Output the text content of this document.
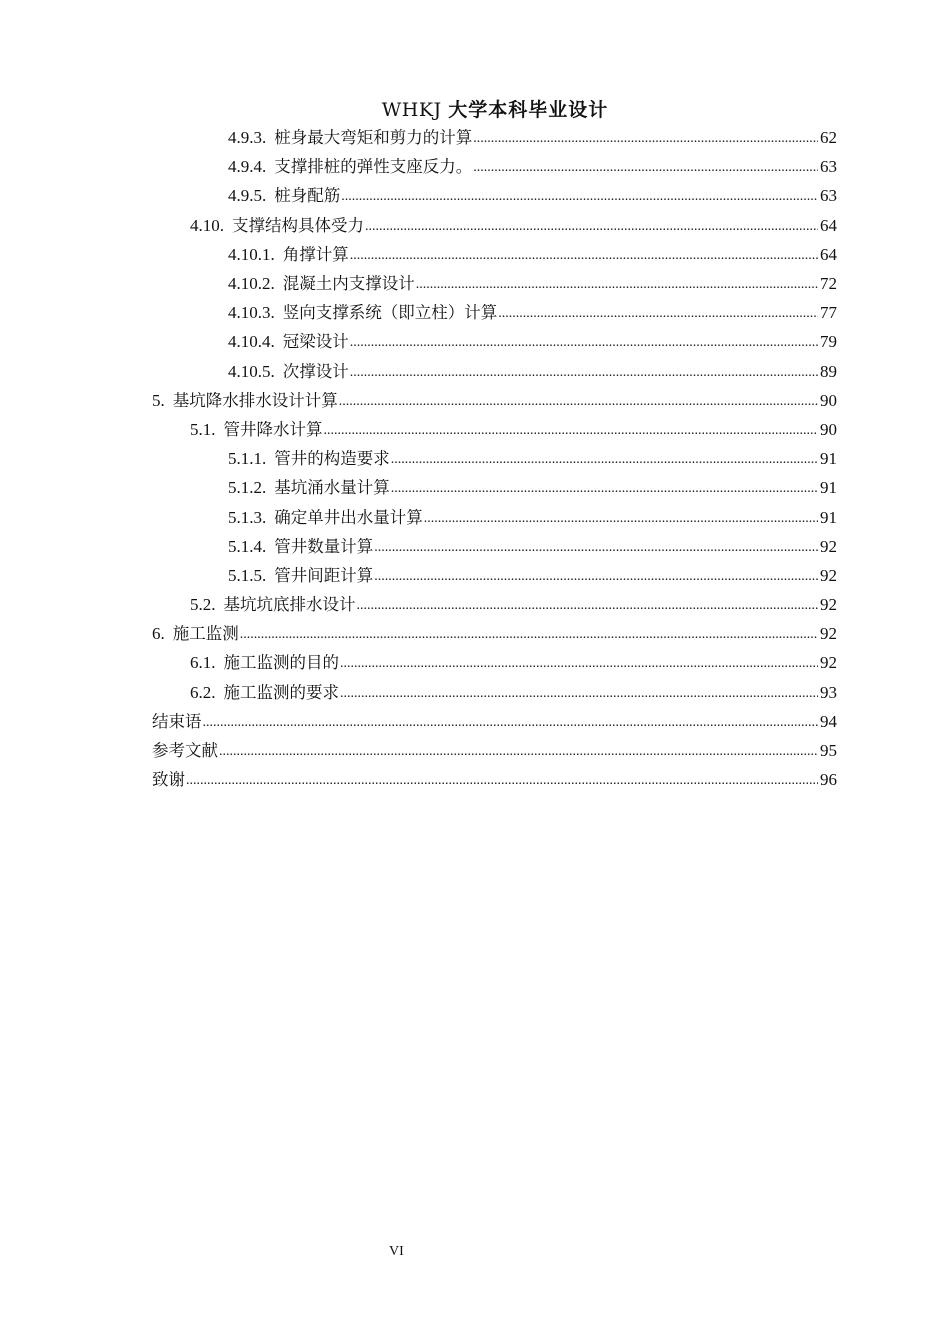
WHKJ 大学本科毕业设计
4.9.3. 桩身最大弯矩和剪力的计算 .....	62
4.9.4. 支撑排桩的弹性支座反力。 .....	63
4.9.5. 桩身配筋 .....	63
4.10. 支撑结构具体受力 .....	64
4.10.1. 角撑计算 .....	64
4.10.2. 混凝土内支撑设计 .....	72
4.10.3. 竖向支撑系统（即立柱）计算 .....	77
4.10.4. 冠梁设计 .....	79
4.10.5. 次撑设计 .....	89
5. 基坑降水排水设计计算 .....	90
5.1. 管井降水计算 .....	90
5.1.1. 管井的构造要求 .....	91
5.1.2. 基坑涌水量计算 .....	91
5.1.3. 确定单井出水量计算 .....	91
5.1.4. 管井数量计算 .....	92
5.1.5. 管井间距计算 .....	92
5.2. 基坑坑底排水设计 .....	92
6. 施工监测 .....	92
6.1. 施工监测的目的 .....	92
6.2. 施工监测的要求 .....	93
结束语 .....	94
参考文献 .....	95
致谢 .....	96
VI
